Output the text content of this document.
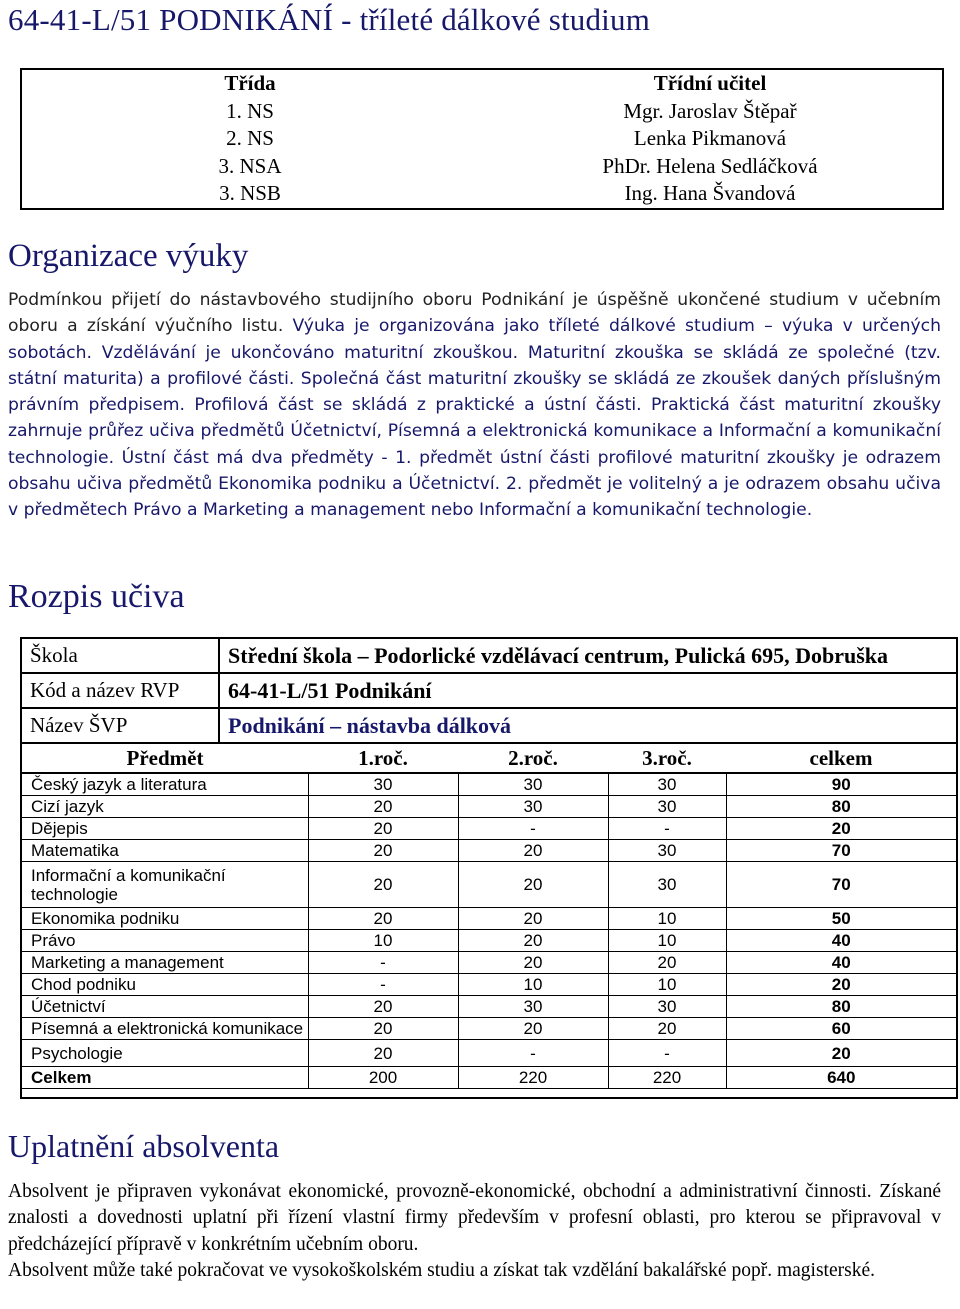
64-41-L/51 PODNIKÁNÍ - tříleté dálkové studium
Třída	Třídní učitel
1. NS	Mgr. Jaroslav Štěpař
2. NS	Lenka Pikmanová
3. NSA	PhDr. Helena Sedláčková
3. NSB	Ing. Hana Švandová
Organizace výuky

Podmínkou přijetí do nástavbového studijního oboru Podnikání je úspěšně ukončené studium v učebním oboru a získání výučního listu. Výuka je organizována jako tříleté dálkové studium – výuka v určených sobotách. Vzdělávání je ukončováno maturitní zkouškou. Maturitní zkouška se skládá ze společné (tzv. státní maturita) a profilové části. Společná část maturitní zkoušky se skládá ze zkoušek daných příslušným právním předpisem. Profilová část se skládá z praktické a ústní části. Praktická část maturitní zkoušky zahrnuje průřez učiva předmětů Účetnictví, Písemná a elektronická komunikace a Informační a komunikační technologie. Ústní část má dva předměty - 1. předmět ústní části profilové maturitní zkoušky je odrazem obsahu učiva předmětů Ekonomika podniku a Účetnictví. 2. předmět je volitelný a je odrazem obsahu učiva v předmětech Právo a Marketing a management nebo Informační a komunikační technologie.

Rozpis učiva
Škola	Střední škola – Podorlické vzdělávací centrum, Pulická 695, Dobruška
Kód a název RVP	64-41-L/51 Podnikání
Název ŠVP	Podnikání – nástavba dálková
Předmět	1.roč.	2.roč.	3.roč.	celkem
Český jazyk a literatura	30	30	30	90
Cizí jazyk	20	30	30	80
Dějepis	20	-	-	20
Matematika	20	20	30	70
Informační a komunikační technologie	20	20	30	70
Ekonomika podniku	20	20	10	50
Právo	10	20	10	40
Marketing a management	-	20	20	40
Chod podniku	-	10	10	20
Účetnictví	20	30	30	80
Písemná a elektronická komunikace	20	20	20	60
Psychologie	20	-	-	20
Celkem	200	220	220	640
Uplatnění absolventa
Absolvent je připraven vykonávat ekonomické, provozně-ekonomické, obchodní a administrativní činnosti. Získané znalosti a dovednosti uplatní při řízení vlastní firmy především v profesní oblasti, pro kterou se připravoval v předcházející přípravě v konkrétním učebním oboru.
Absolvent může také pokračovat ve vysokoškolském studiu a získat tak vzdělání bakalářské popř. magisterské.
